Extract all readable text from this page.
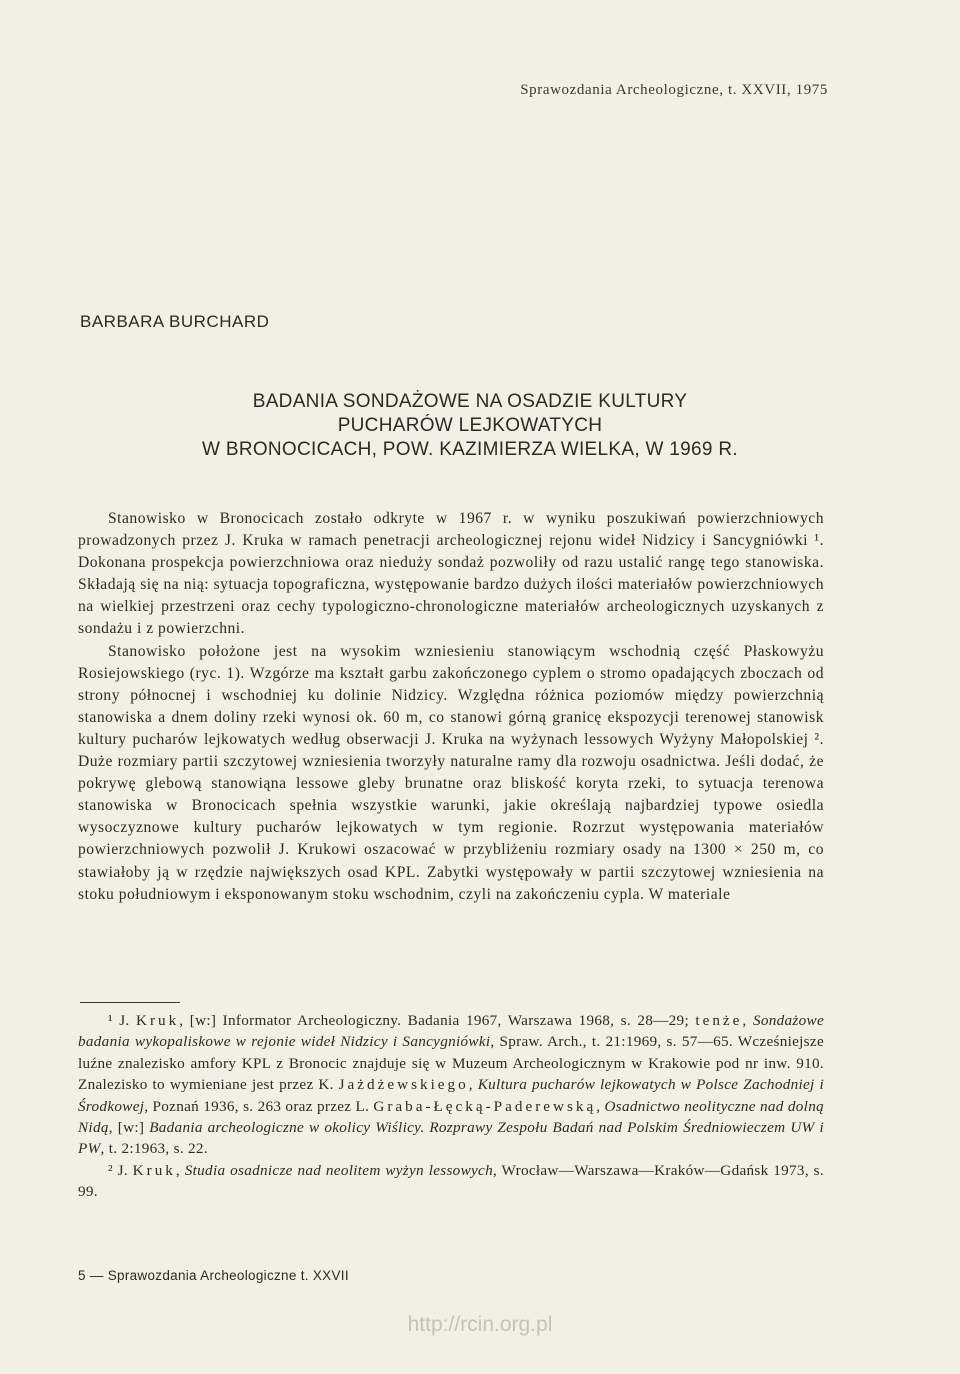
Sprawozdania Archeologiczne, t. XXVII, 1975
BARBARA BURCHARD
BADANIA SONDAŻOWE NA OSADZIE KULTURY
PUCHARÓW LEJKOWATYCH
W BRONOCICACH, POW. KAZIMIERZA WIELKA, W 1969 R.

Stanowisko w Bronocicach zostało odkryte w 1967 r. w wyniku poszukiwań powierzchniowych prowadzonych przez J. Kruka w ramach penetracji archeologicznej rejonu wideł Nidzicy i Sancygniówki ¹. Dokonana prospekcja powierzchniowa oraz nieduży sondaż pozwoliły od razu ustalić rangę tego stanowiska. Składają się na nią: sytuacja topograficzna, występowanie bardzo dużych ilości materiałów powierzchniowych na wielkiej przestrzeni oraz cechy typologiczno-chronologiczne materiałów archeologicznych uzyskanych z sondażu i z powierzchni.

Stanowisko położone jest na wysokim wzniesieniu stanowiącym wschodnią część Płaskowyżu Rosiejowskiego (ryc. 1). Wzgórze ma kształt garbu zakończonego cyplem o stromo opadających zboczach od strony północnej i wschodniej ku dolinie Nidzicy. Względna różnica poziomów między powierzchnią stanowiska a dnem doliny rzeki wynosi ok. 60 m, co stanowi górną granicę ekspozycji terenowej stanowisk kultury pucharów lejkowatych według obserwacji J. Kruka na wyżynach lessowych Wyżyny Małopolskiej ². Duże rozmiary partii szczytowej wzniesienia tworzyły naturalne ramy dla rozwoju osadnictwa. Jeśli dodać, że pokrywę glebową stanowiąna lessowe gleby brunatne oraz bliskość koryta rzeki, to sytuacja terenowa stanowiska w Bronocicach spełnia wszystkie warunki, jakie określają najbardziej typowe osiedla wysoczyznowe kultury pucharów lejkowatych w tym regionie. Rozrzut występowania materiałów powierzchniowych pozwolił J. Krukowi oszacować w przybliżeniu rozmiary osady na 1300 × 250 m, co stawiałoby ją w rzędzie największych osad KPL. Zabytki występowały w partii szczytowej wzniesienia na stoku południowym i eksponowanym stoku wschodnim, czyli na zakończeniu cypla. W materiale

¹ J. Kruk, [w:] Informator Archeologiczny. Badania 1967, Warszawa 1968, s. 28—29; tenże, Sondażowe badania wykopaliskowe w rejonie wideł Nidzicy i Sancygniówki, Spraw. Arch., t. 21:1969, s. 57—65. Wcześniejsze luźne znalezisko amfory KPL z Bronocic znajduje się w Muzeum Archeologicznym w Krakowie pod nr inw. 910. Znalezisko to wymieniane jest przez K. Jażdżewskiego, Kultura pucharów lejkowatych w Polsce Zachodniej i Środkowej, Poznań 1936, s. 263 oraz przez L. Graba-Łęcką-Paderewską, Osadnictwo neolityczne nad dolną Nidą, [w:] Badania archeologiczne w okolicy Wiślicy. Rozprawy Zespołu Badań nad Polskim Średniowieczem UW i PW, t. 2:1963, s. 22.

² J. Kruk, Studia osadnicze nad neolitem wyżyn lessowych, Wrocław—Warszawa—Kraków—Gdańsk 1973, s. 99.

5 — Sprawozdania Archeologiczne t. XXVII
http://rcin.org.pl
